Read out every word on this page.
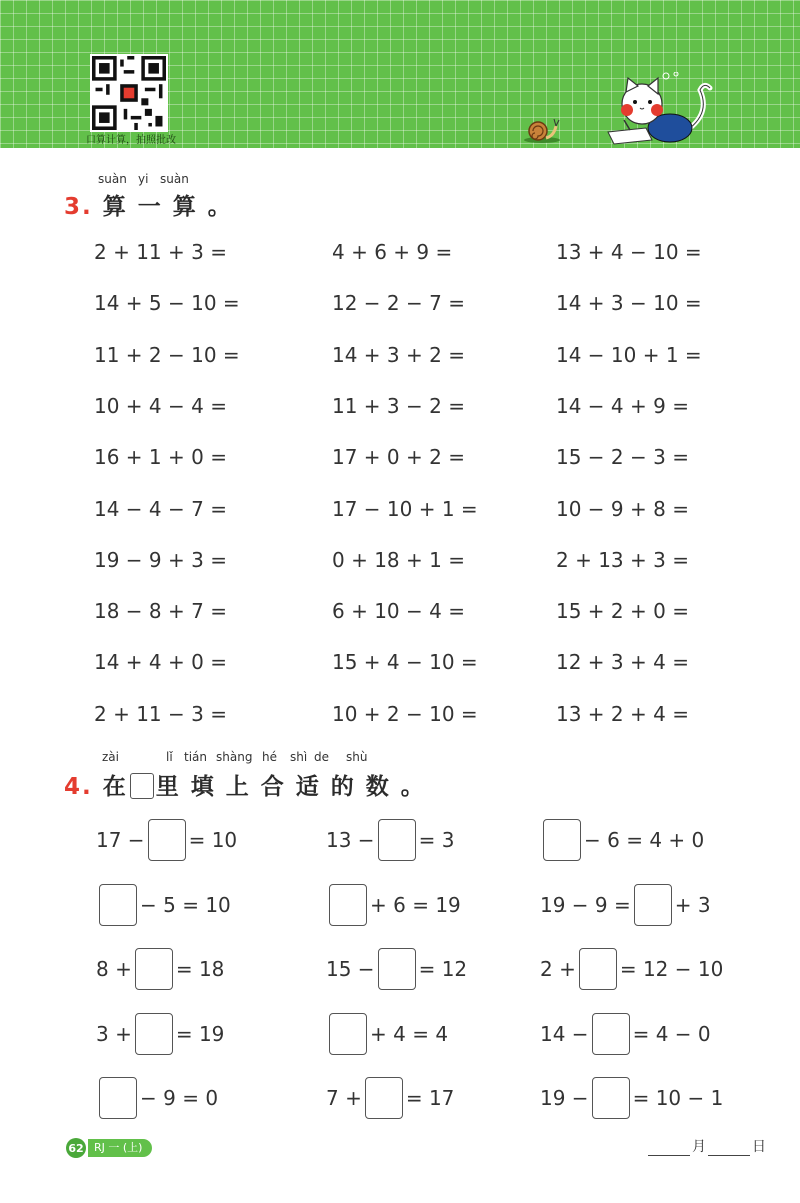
口算计算，拍照批改
suàn yi suàn
3. 算 一 算 。
2 + 11 + 3 =	4 + 6 + 9 =	13 + 4 − 10 =
14 + 5 − 10 =	12 − 2 − 7 =	14 + 3 − 10 =
11 + 2 − 10 =	14 + 3 + 2 =	14 − 10 + 1 =
10 + 4 − 4 =	11 + 3 − 2 =	14 − 4 + 9 =
16 + 1 + 0 =	17 + 0 + 2 =	15 − 2 − 3 =
14 − 4 − 7 =	17 − 10 + 1 =	10 − 9 + 8 =
19 − 9 + 3 =	0 + 18 + 1 =	2 + 13 + 3 =
18 − 8 + 7 =	6 + 10 − 4 =	15 + 2 + 0 =
14 + 4 + 0 =	15 + 4 − 10 =	12 + 3 + 4 =
2 + 11 − 3 =	10 + 2 − 10 =	13 + 2 + 4 =
zài	lǐ tián shàng hé shì de shù
4. 在 里 填 上 合 适 的 数 。
17 − = 10	13 − = 3	− 6 = 4 + 0
− 5 = 10	+ 6 = 19	19 − 9 = + 3
8 + = 18	15 − = 12	2 + = 12 − 10
3 + = 19	+ 4 = 4	14 − = 4 − 0
− 9 = 0	7 + = 17	19 − = 10 − 1
62 RJ 一 (上)	月	日
